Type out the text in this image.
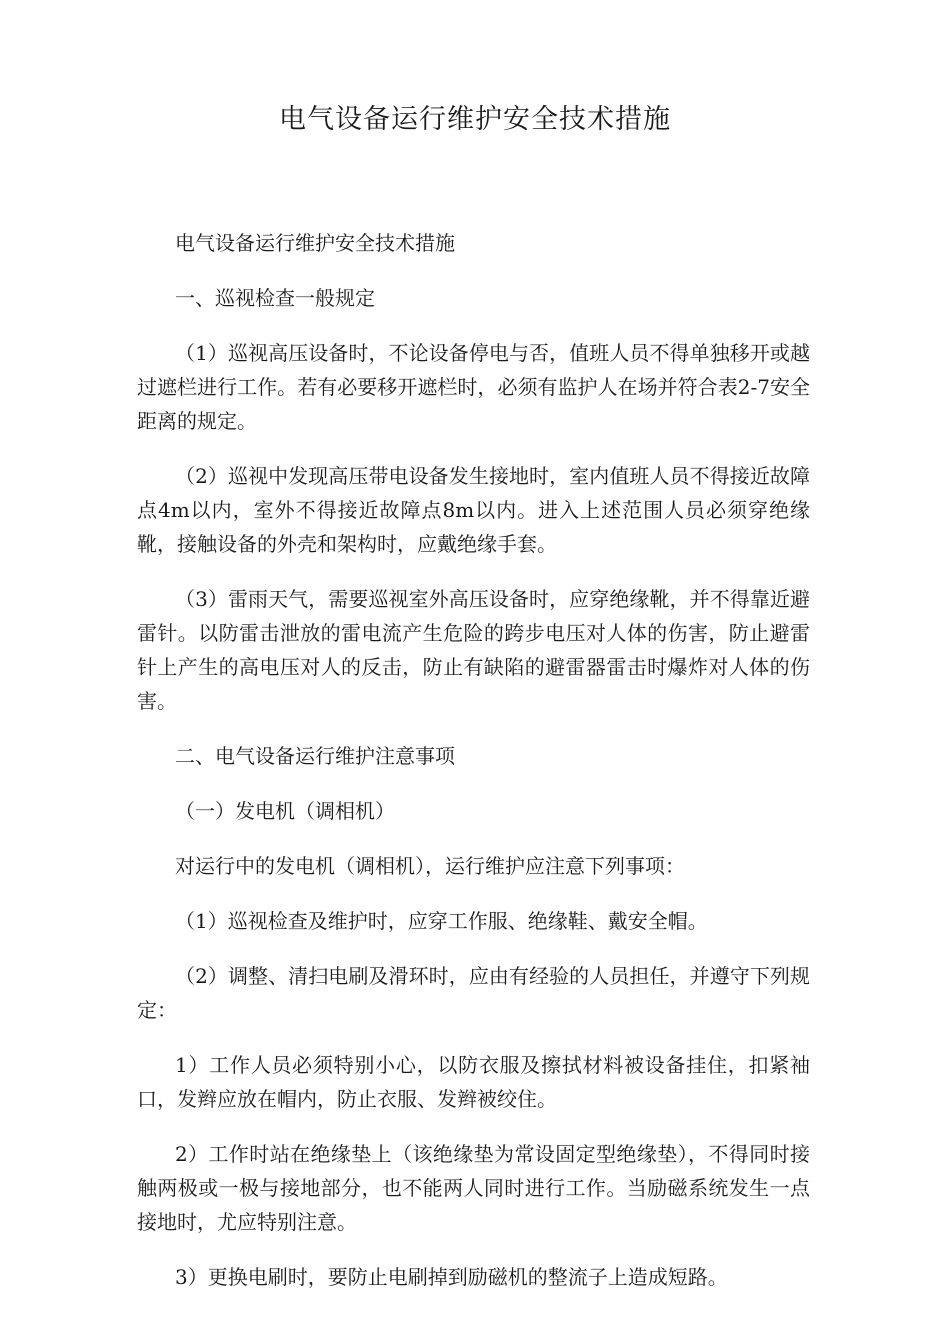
电气设备运行维护安全技术措施

电气设备运行维护安全技术措施

一、巡视检查一般规定

（1）巡视高压设备时，不论设备停电与否，值班人员不得单独移开或越过遮栏进行工作。若有必要移开遮栏时，必须有监护人在场并符合表2-7安全距离的规定。

（2）巡视中发现高压带电设备发生接地时，室内值班人员不得接近故障点4m以内，室外不得接近故障点8m以内。进入上述范围人员必须穿绝缘靴，接触设备的外壳和架构时，应戴绝缘手套。

（3）雷雨天气，需要巡视室外高压设备时，应穿绝缘靴，并不得靠近避雷针。以防雷击泄放的雷电流产生危险的跨步电压对人体的伤害，防止避雷针上产生的高电压对人的反击，防止有缺陷的避雷器雷击时爆炸对人体的伤害。

二、电气设备运行维护注意事项

（一）发电机（调相机）

对运行中的发电机（调相机），运行维护应注意下列事项：

（1）巡视检查及维护时，应穿工作服、绝缘鞋、戴安全帽。

（2）调整、清扫电刷及滑环时，应由有经验的人员担任，并遵守下列规定：

1）工作人员必须特别小心，以防衣服及擦拭材料被设备挂住，扣紧袖口，发辫应放在帽内，防止衣服、发辫被绞住。

2）工作时站在绝缘垫上（该绝缘垫为常设固定型绝缘垫），不得同时接触两极或一极与接地部分，也不能两人同时进行工作。当励磁系统发生一点接地时，尤应特别注意。

3）更换电刷时，要防止电刷掉到励磁机的整流子上造成短路。
